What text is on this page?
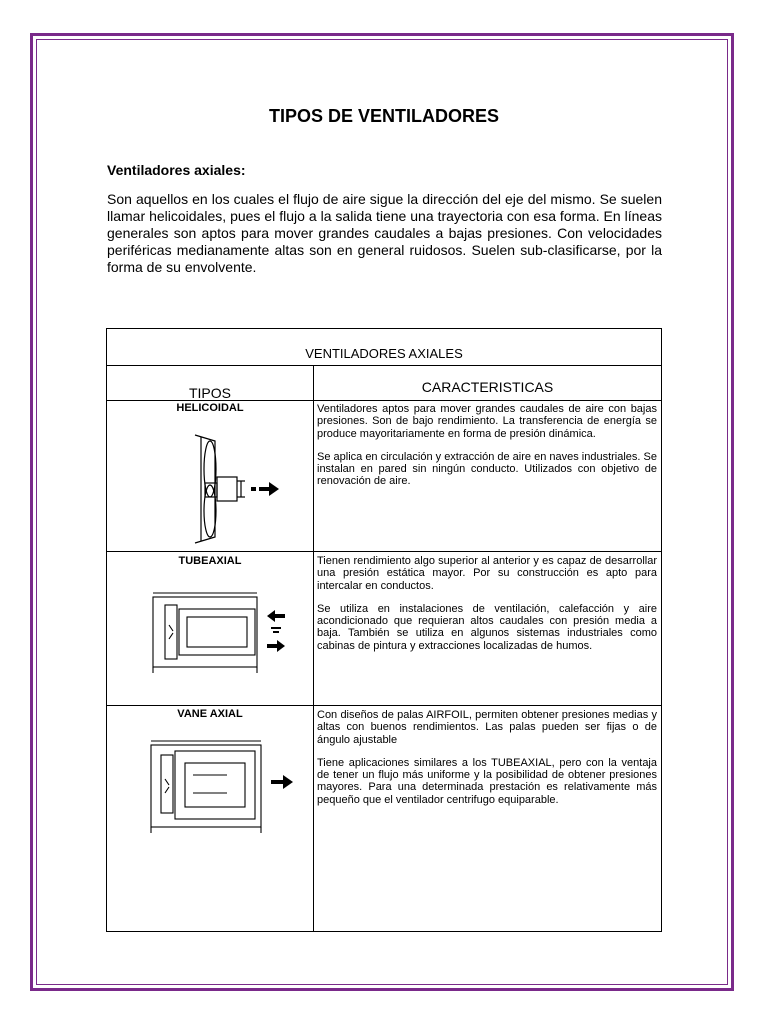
TIPOS DE VENTILADORES
Ventiladores axiales:
Son aquellos en los cuales el flujo de aire sigue la dirección del eje del mismo. Se suelen llamar helicoidales, pues el flujo a la salida tiene una trayectoria con esa forma. En líneas generales son aptos para mover grandes caudales a bajas presiones. Con velocidades periféricas medianamente altas son en general ruidosos. Suelen sub-clasificarse, por la forma de su envolvente.
VENTILADORES AXIALES
TIPOS	CARACTERISTICAS
HELICOIDAL	Ventiladores aptos para mover grandes caudales de aire con bajas presiones. Son de bajo rendimiento. La transferencia de energía se produce mayoritariamente en forma de presión dinámica.

Se aplica en circulación y extracción de aire en naves industriales. Se instalan en pared sin ningún conducto. Utilizados con objetivo de renovación de aire.

TUBEAXIAL	Tienen rendimiento algo superior al anterior y es capaz de desarrollar una presión estática mayor. Por su construcción es apto para intercalar en conductos.

Se utiliza en instalaciones de ventilación, calefacción y aire acondicionado que requieran altos caudales con presión media a baja. También se utiliza en algunos sistemas industriales como cabinas de pintura y extracciones localizadas de humos.

VANE AXIAL	Con diseños de palas AIRFOIL, permiten obtener presiones medias y altas con buenos rendimientos. Las palas pueden ser fijas o de ángulo ajustable

Tiene aplicaciones similares a los TUBEAXIAL, pero con la ventaja de tener un flujo más uniforme y la posibilidad de obtener presiones mayores. Para una determinada prestación es relativamente más pequeño que el ventilador centrifugo equiparable.
